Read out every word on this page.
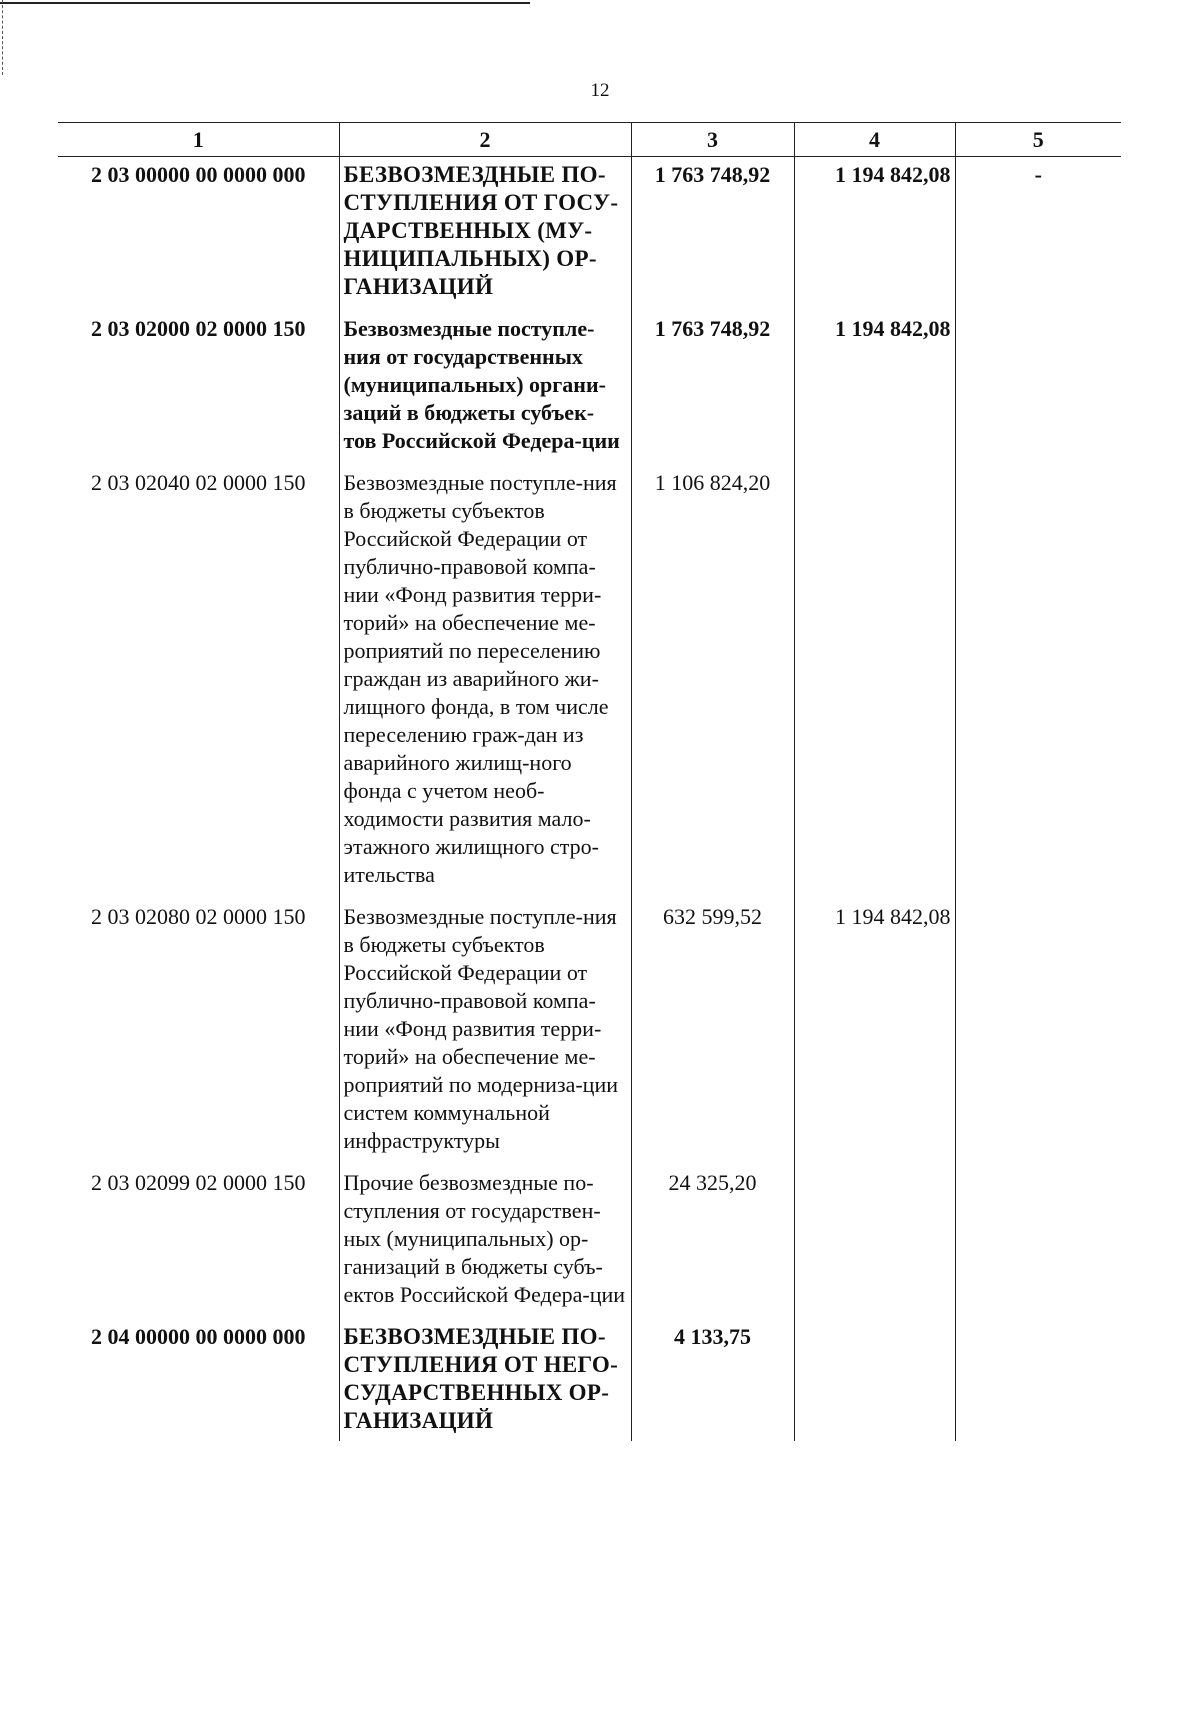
12
1	2	3	4	5
2 03 00000 00 0000 000	БЕЗВОЗМЕЗДНЫЕ ПО-СТУПЛЕНИЯ ОТ ГОСУ-ДАРСТВЕННЫХ (МУ-НИЦИПАЛЬНЫХ) ОР-ГАНИЗАЦИЙ	1 763 748,92	1 194 842,08	-
2 03 02000 02 0000 150	Безвозмездные поступле-ния от государственных (муниципальных) органи-заций в бюджеты субъек-тов Российской Федера-ции	1 763 748,92	1 194 842,08	
2 03 02040 02 0000 150	Безвозмездные поступле-ния в бюджеты субъектов Российской Федерации от публично-правовой компа-нии «Фонд развития терри-торий» на обеспечение ме-роприятий по переселению граждан из аварийного жи-лищного фонда, в том числе переселению граж-дан из аварийного жилищ-ного фонда с учетом необ-ходимости развития мало-этажного жилищного стро-ительства	1 106 824,20		
2 03 02080 02 0000 150	Безвозмездные поступле-ния в бюджеты субъектов Российской Федерации от публично-правовой компа-нии «Фонд развития терри-торий» на обеспечение ме-роприятий по модерниза-ции систем коммунальной инфраструктуры	632 599,52	1 194 842,08	
2 03 02099 02 0000 150	Прочие безвозмездные по-ступления от государствен-ных (муниципальных) ор-ганизаций в бюджеты субъ-ектов Российской Федера-ции	24 325,20		
2 04 00000 00 0000 000	БЕЗВОЗМЕЗДНЫЕ ПО-СТУПЛЕНИЯ ОТ НЕГО-СУДАРСТВЕННЫХ ОР-ГАНИЗАЦИЙ	4 133,75		
